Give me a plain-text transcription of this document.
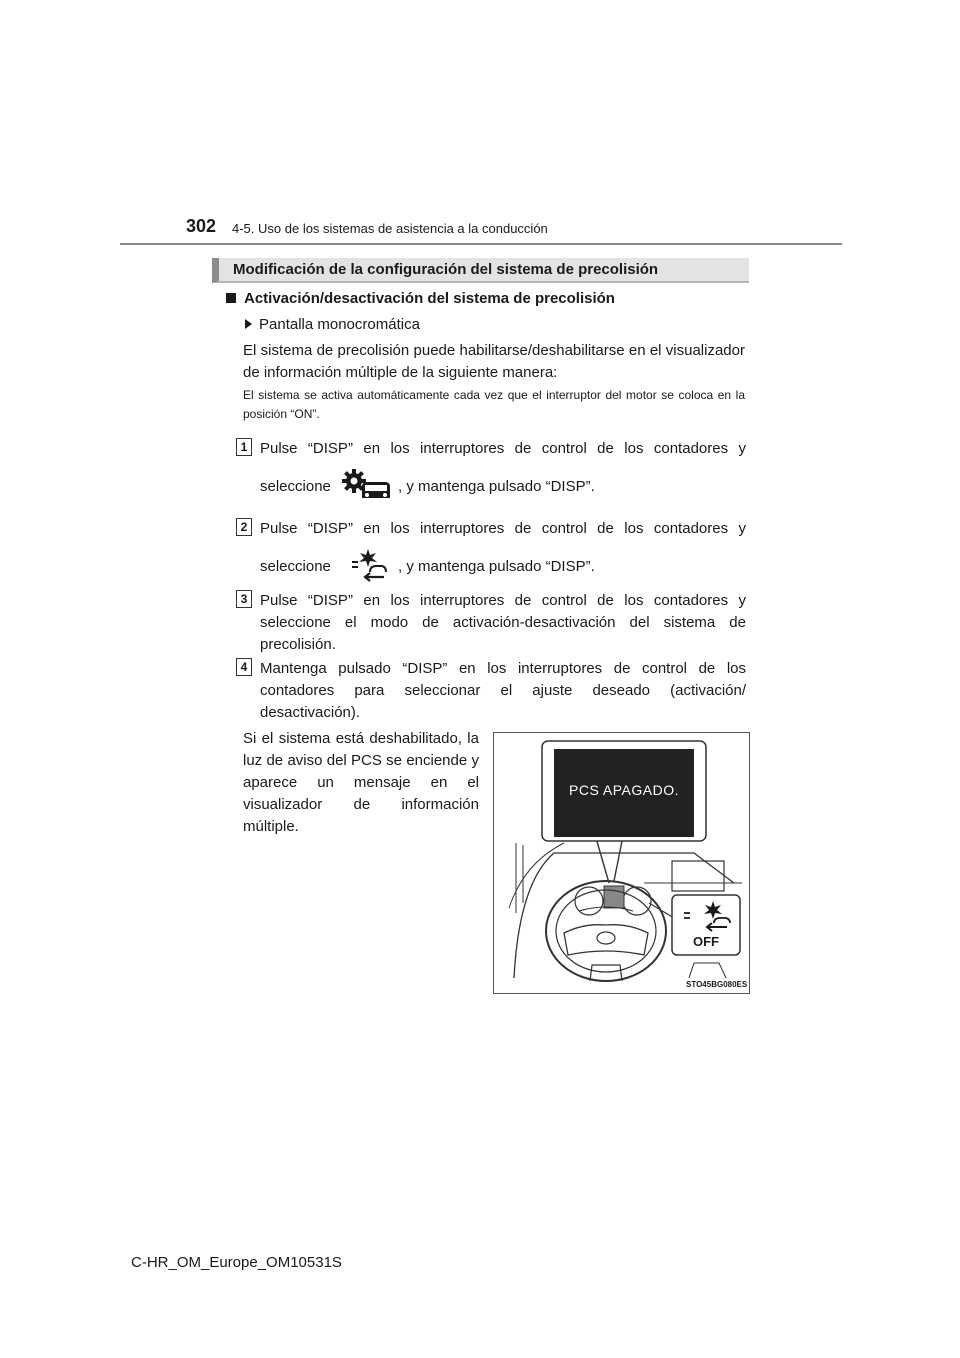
302 4-5. Uso de los sistemas de asistencia a la conducción
Modificación de la configuración del sistema de precolisión
Activación/desactivación del sistema de precolisión
Pantalla monocromática
El sistema de precolisión puede habilitarse/deshabilitarse en el visualizador de información múltiple de la siguiente manera:
El sistema se activa automáticamente cada vez que el interruptor del motor se coloca en la posición “ON”.
1 Pulse “DISP” en los interruptores de control de los contadores y
seleccione	, y mantenga pulsado “DISP”.
2 Pulse “DISP” en los interruptores de control de los contadores y
seleccione	, y mantenga pulsado “DISP”.
3 Pulse “DISP” en los interruptores de control de los contadores y seleccione el modo de activación-desactivación del sistema de precolisión.
4 Mantenga pulsado “DISP” en los interruptores de control de los contadores para seleccionar el ajuste deseado (activación/ desactivación).
Si el sistema está deshabilitado, la luz de aviso del PCS se enciende y aparece un mensaje en el visualizador de información múltiple.
PCS APAGADO.
OFF
STO45BG080ES
C-HR_OM_Europe_OM10531S
